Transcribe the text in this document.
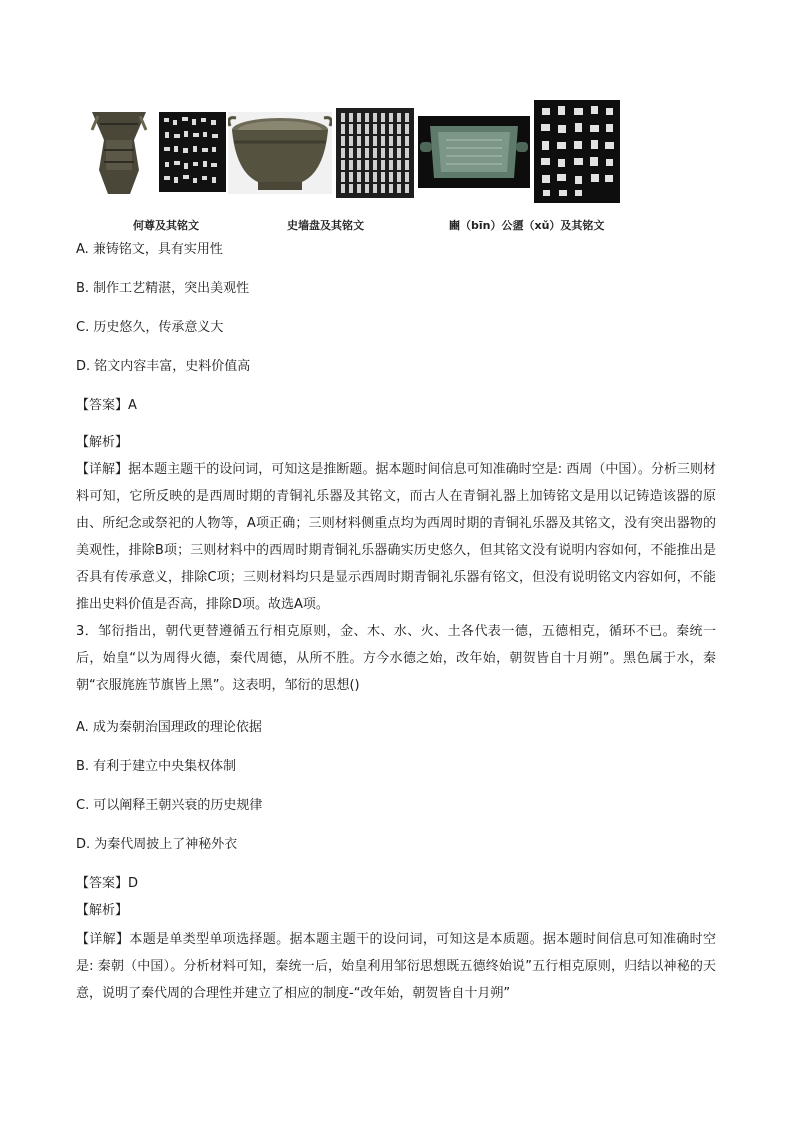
何尊及其铭文	史墙盘及其铭文	豳（bīn）公盨（xǔ）及其铭文
A. 兼铸铭文，具有实用性
B. 制作工艺精湛，突出美观性
C. 历史悠久，传承意义大
D. 铭文内容丰富，史料价值高
【答案】A
【解析】

【详解】据本题主题干的设问词，可知这是推断题。据本题时间信息可知准确时空是: 西周（中国）。分析三则材料可知，它所反映的是西周时期的青铜礼乐器及其铭文，而古人在青铜礼器上加铸铭文是用以记铸造该器的原由、所纪念或祭祀的人物等，A项正确；三则材料侧重点均为西周时期的青铜礼乐器及其铭文，没有突出器物的美观性，排除B项；三则材料中的西周时期青铜礼乐器确实历史悠久，但其铭文没有说明内容如何，不能推出是否具有传承意义，排除C项；三则材料均只是显示西周时期青铜礼乐器有铭文，但没有说明铭文内容如何，不能推出史料价值是否高，排除D项。故选A项。

3．邹衍指出，朝代更替遵循五行相克原则，金、木、水、火、土各代表一德，五德相克，循环不已。秦统一后，始皇“以为周得火德，秦代周德，从所不胜。方今水德之始，改年始，朝贺皆自十月朔”。黑色属于水，秦朝“衣服旄旌节旗皆上黑”。这表明，邹衍的思想()

A. 成为秦朝治国理政的理论依据
B. 有利于建立中央集权体制
C. 可以阐释王朝兴衰的历史规律
D. 为秦代周披上了神秘外衣
【答案】D
【解析】

【详解】本题是单类型单项选择题。据本题主题干的设问词，可知这是本质题。据本题时间信息可知准确时空是: 秦朝（中国）。分析材料可知，秦统一后，始皇利用邹衍思想既五德终始说”五行相克原则，归结以神秘的天意，说明了秦代周的合理性并建立了相应的制度-“改年始，朝贺皆自十月朔”
